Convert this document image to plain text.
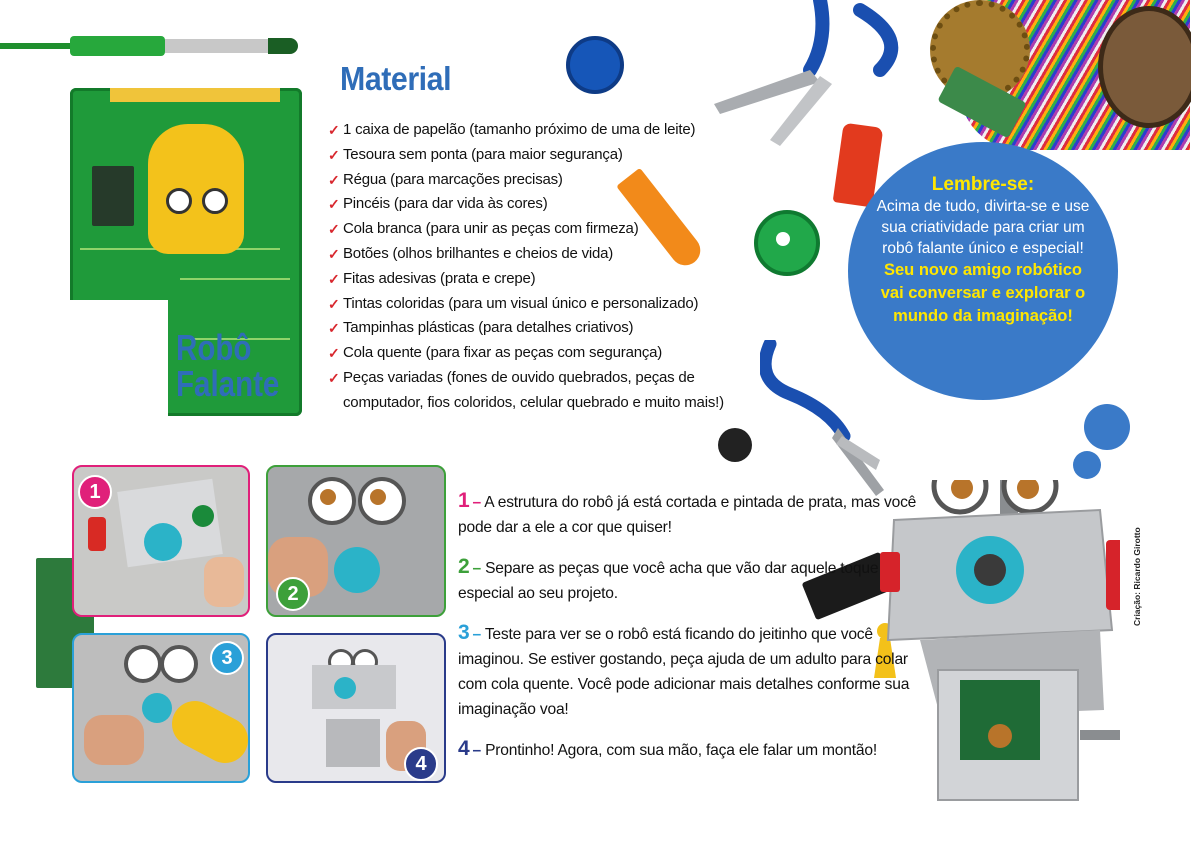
Lembre-se:
Acima de tudo, divirta-se e use sua criatividade para criar um robô falante único e especial!
Seu novo amigo robótico vai conversar e explorar o mundo da imaginação!
Material
Robô
Falante
✓ 1 caixa de papelão (tamanho próximo de uma de leite)
✓ Tesoura sem ponta (para maior segurança)
✓ Régua (para marcações precisas)
✓ Pincéis (para dar vida às cores)
✓ Cola branca (para unir as peças com firmeza)
✓ Botões (olhos brilhantes e cheios de vida)
✓ Fitas adesivas (prata e crepe)
✓ Tintas coloridas (para um visual único e personalizado)
✓ Tampinhas plásticas (para detalhes criativos)
✓ Cola quente (para fixar as peças com segurança)
✓ Peças variadas (fones de ouvido quebrados, peças de computador, fios coloridos, celular quebrado e muito mais!)
1
2
3
4

1 – A estrutura do robô já está cortada e pintada de prata, mas você pode dar a ele a cor que quiser!

2 – Separe as peças que você acha que vão dar aquele toque especial ao seu projeto.

3 – Teste para ver se o robô está ficando do jeitinho que você imaginou. Se estiver gostando, peça ajuda de um adulto para colar com cola quente. Você pode adicionar mais detalhes conforme sua imaginação voa!

4 – Prontinho! Agora, com sua mão, faça ele falar um montão!

Criação: Ricardo Girotto
